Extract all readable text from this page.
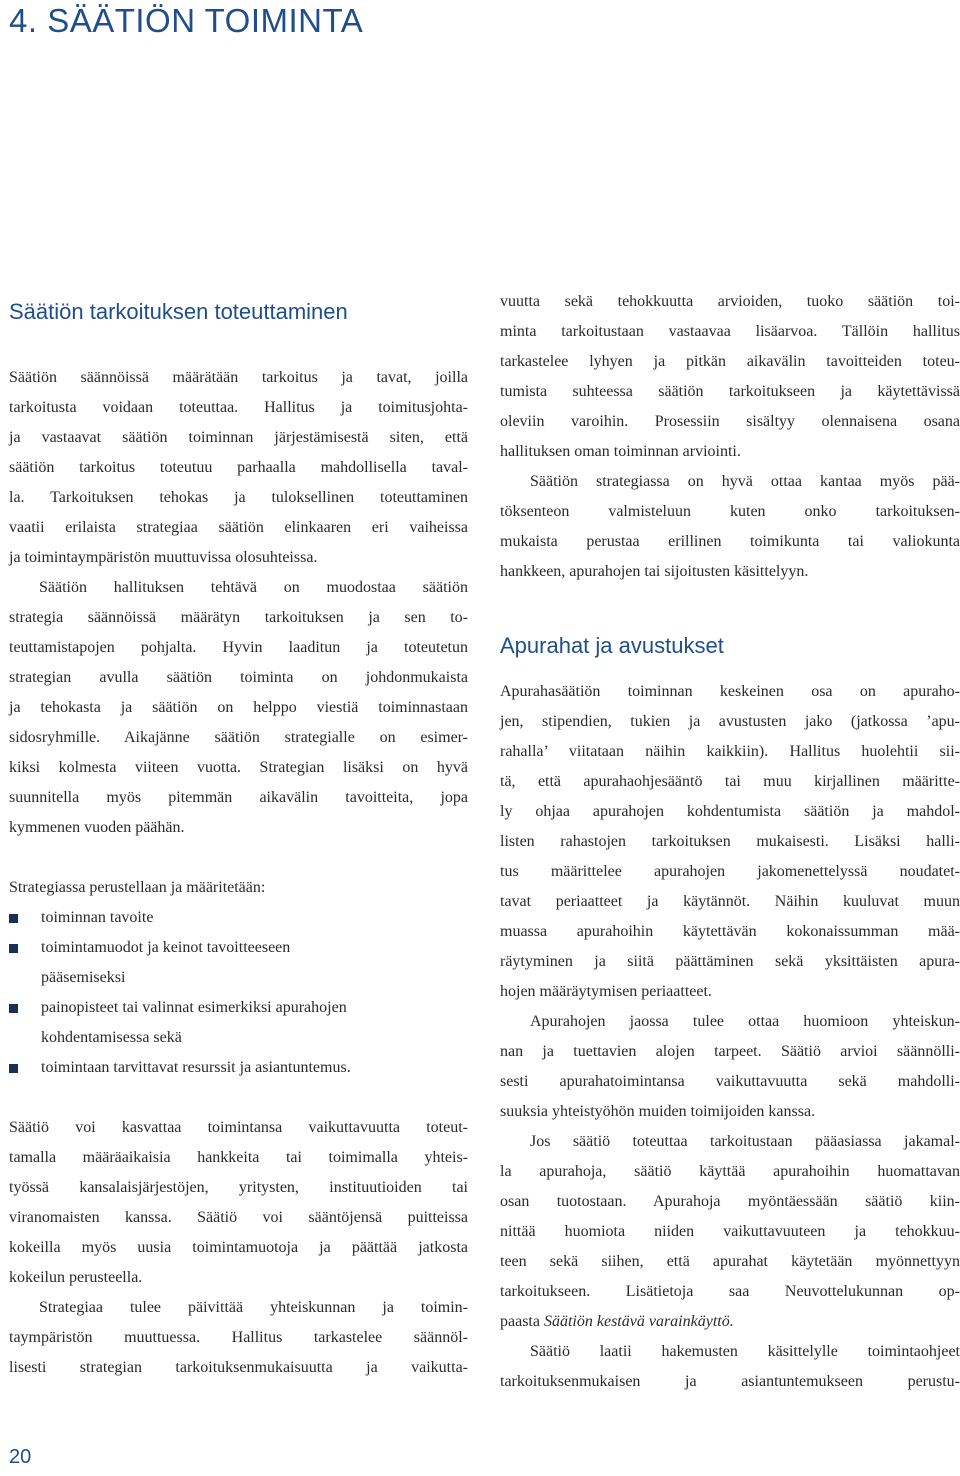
4. SÄÄTIÖN TOIMINTA
Säätiön tarkoituksen toteuttaminen
Säätiön säännöissä määrätään tarkoitus ja tavat, joilla
tarkoitusta voidaan toteuttaa. Hallitus ja toimitusjohta-
ja vastaavat säätiön toiminnan järjestämisestä siten, että
säätiön tarkoitus toteutuu parhaalla mahdollisella taval-
la. Tarkoituksen tehokas ja tuloksellinen toteuttaminen
vaatii erilaista strategiaa säätiön elinkaaren eri vaiheissa
ja toimintaympäristön muuttuvissa olosuhteissa.
Säätiön hallituksen tehtävä on muodostaa säätiön
strategia säännöissä määrätyn tarkoituksen ja sen to-
teuttamistapojen pohjalta. Hyvin laaditun ja toteutetun
strategian avulla säätiön toiminta on johdonmukaista
ja tehokasta ja säätiön on helppo viestiä toiminnastaan
sidosryhmille. Aikajänne säätiön strategialle on esimer-
kiksi kolmesta viiteen vuotta. Strategian lisäksi on hyvä
suunnitella myös pitemmän aikavälin tavoitteita, jopa
kymmenen vuoden päähän.
Strategiassa perustellaan ja määritetään:
toiminnan tavoite
toimintamuodot ja keinot tavoitteeseen
pääsemiseksi
painopisteet tai valinnat esimerkiksi apurahojen
kohdentamisessa sekä
toimintaan tarvittavat resurssit ja asiantuntemus.
Säätiö voi kasvattaa toimintansa vaikuttavuutta toteut-
tamalla määräaikaisia hankkeita tai toimimalla yhteis-
työssä kansalaisjärjestöjen, yritysten, instituutioiden tai
viranomaisten kanssa. Säätiö voi sääntöjensä puitteissa
kokeilla myös uusia toimintamuotoja ja päättää jatkosta
kokeilun perusteella.
Strategiaa tulee päivittää yhteiskunnan ja toimin-
taympäristön muuttuessa. Hallitus tarkastelee säännöl-
lisesti strategian tarkoituksenmukaisuutta ja vaikutta-
vuutta sekä tehokkuutta arvioiden, tuoko säätiön toi-
minta tarkoitustaan vastaavaa lisäarvoa. Tällöin hallitus
tarkastelee lyhyen ja pitkän aikavälin tavoitteiden toteu-
tumista suhteessa säätiön tarkoitukseen ja käytettävissä
oleviin varoihin. Prosessiin sisältyy olennaisena osana
hallituksen oman toiminnan arviointi.
Säätiön strategiassa on hyvä ottaa kantaa myös pää-
töksenteon valmisteluun kuten onko tarkoituksen-
mukaista perustaa erillinen toimikunta tai valiokunta
hankkeen, apurahojen tai sijoitusten käsittelyyn.
Apurahat ja avustukset
Apurahasäätiön toiminnan keskeinen osa on apuraho-
jen, stipendien, tukien ja avustusten jako (jatkossa ’apu-
rahalla’ viitataan näihin kaikkiin). Hallitus huolehtii sii-
tä, että apurahaohjesääntö tai muu kirjallinen määritte-
ly ohjaa apurahojen kohdentumista säätiön ja mahdol-
listen rahastojen tarkoituksen mukaisesti. Lisäksi halli-
tus määrittelee apurahojen jakomenettelyssä noudatet-
tavat periaatteet ja käytännöt. Näihin kuuluvat muun
muassa apurahoihin käytettävän kokonaissumman mää-
räytyminen ja siitä päättäminen sekä yksittäisten apura-
hojen määräytymisen periaatteet.
Apurahojen jaossa tulee ottaa huomioon yhteiskun-
nan ja tuettavien alojen tarpeet. Säätiö arvioi säännölli-
sesti apurahatoimintansa vaikuttavuutta sekä mahdolli-
suuksia yhteistyöhön muiden toimijoiden kanssa.
Jos säätiö toteuttaa tarkoitustaan pääasiassa jakamal-
la apurahoja, säätiö käyttää apurahoihin huomattavan
osan tuotostaan. Apurahoja myöntäessään säätiö kiin-
nittää huomiota niiden vaikuttavuuteen ja tehokkuu-
teen sekä siihen, että apurahat käytetään myönnettyyn
tarkoitukseen. Lisätietoja saa Neuvottelukunnan op-
paasta Säätiön kestävä varainkäyttö.
Säätiö laatii hakemusten käsittelylle toimintaohjeet
tarkoituksenmukaisen ja asiantuntemukseen perustu-
20
